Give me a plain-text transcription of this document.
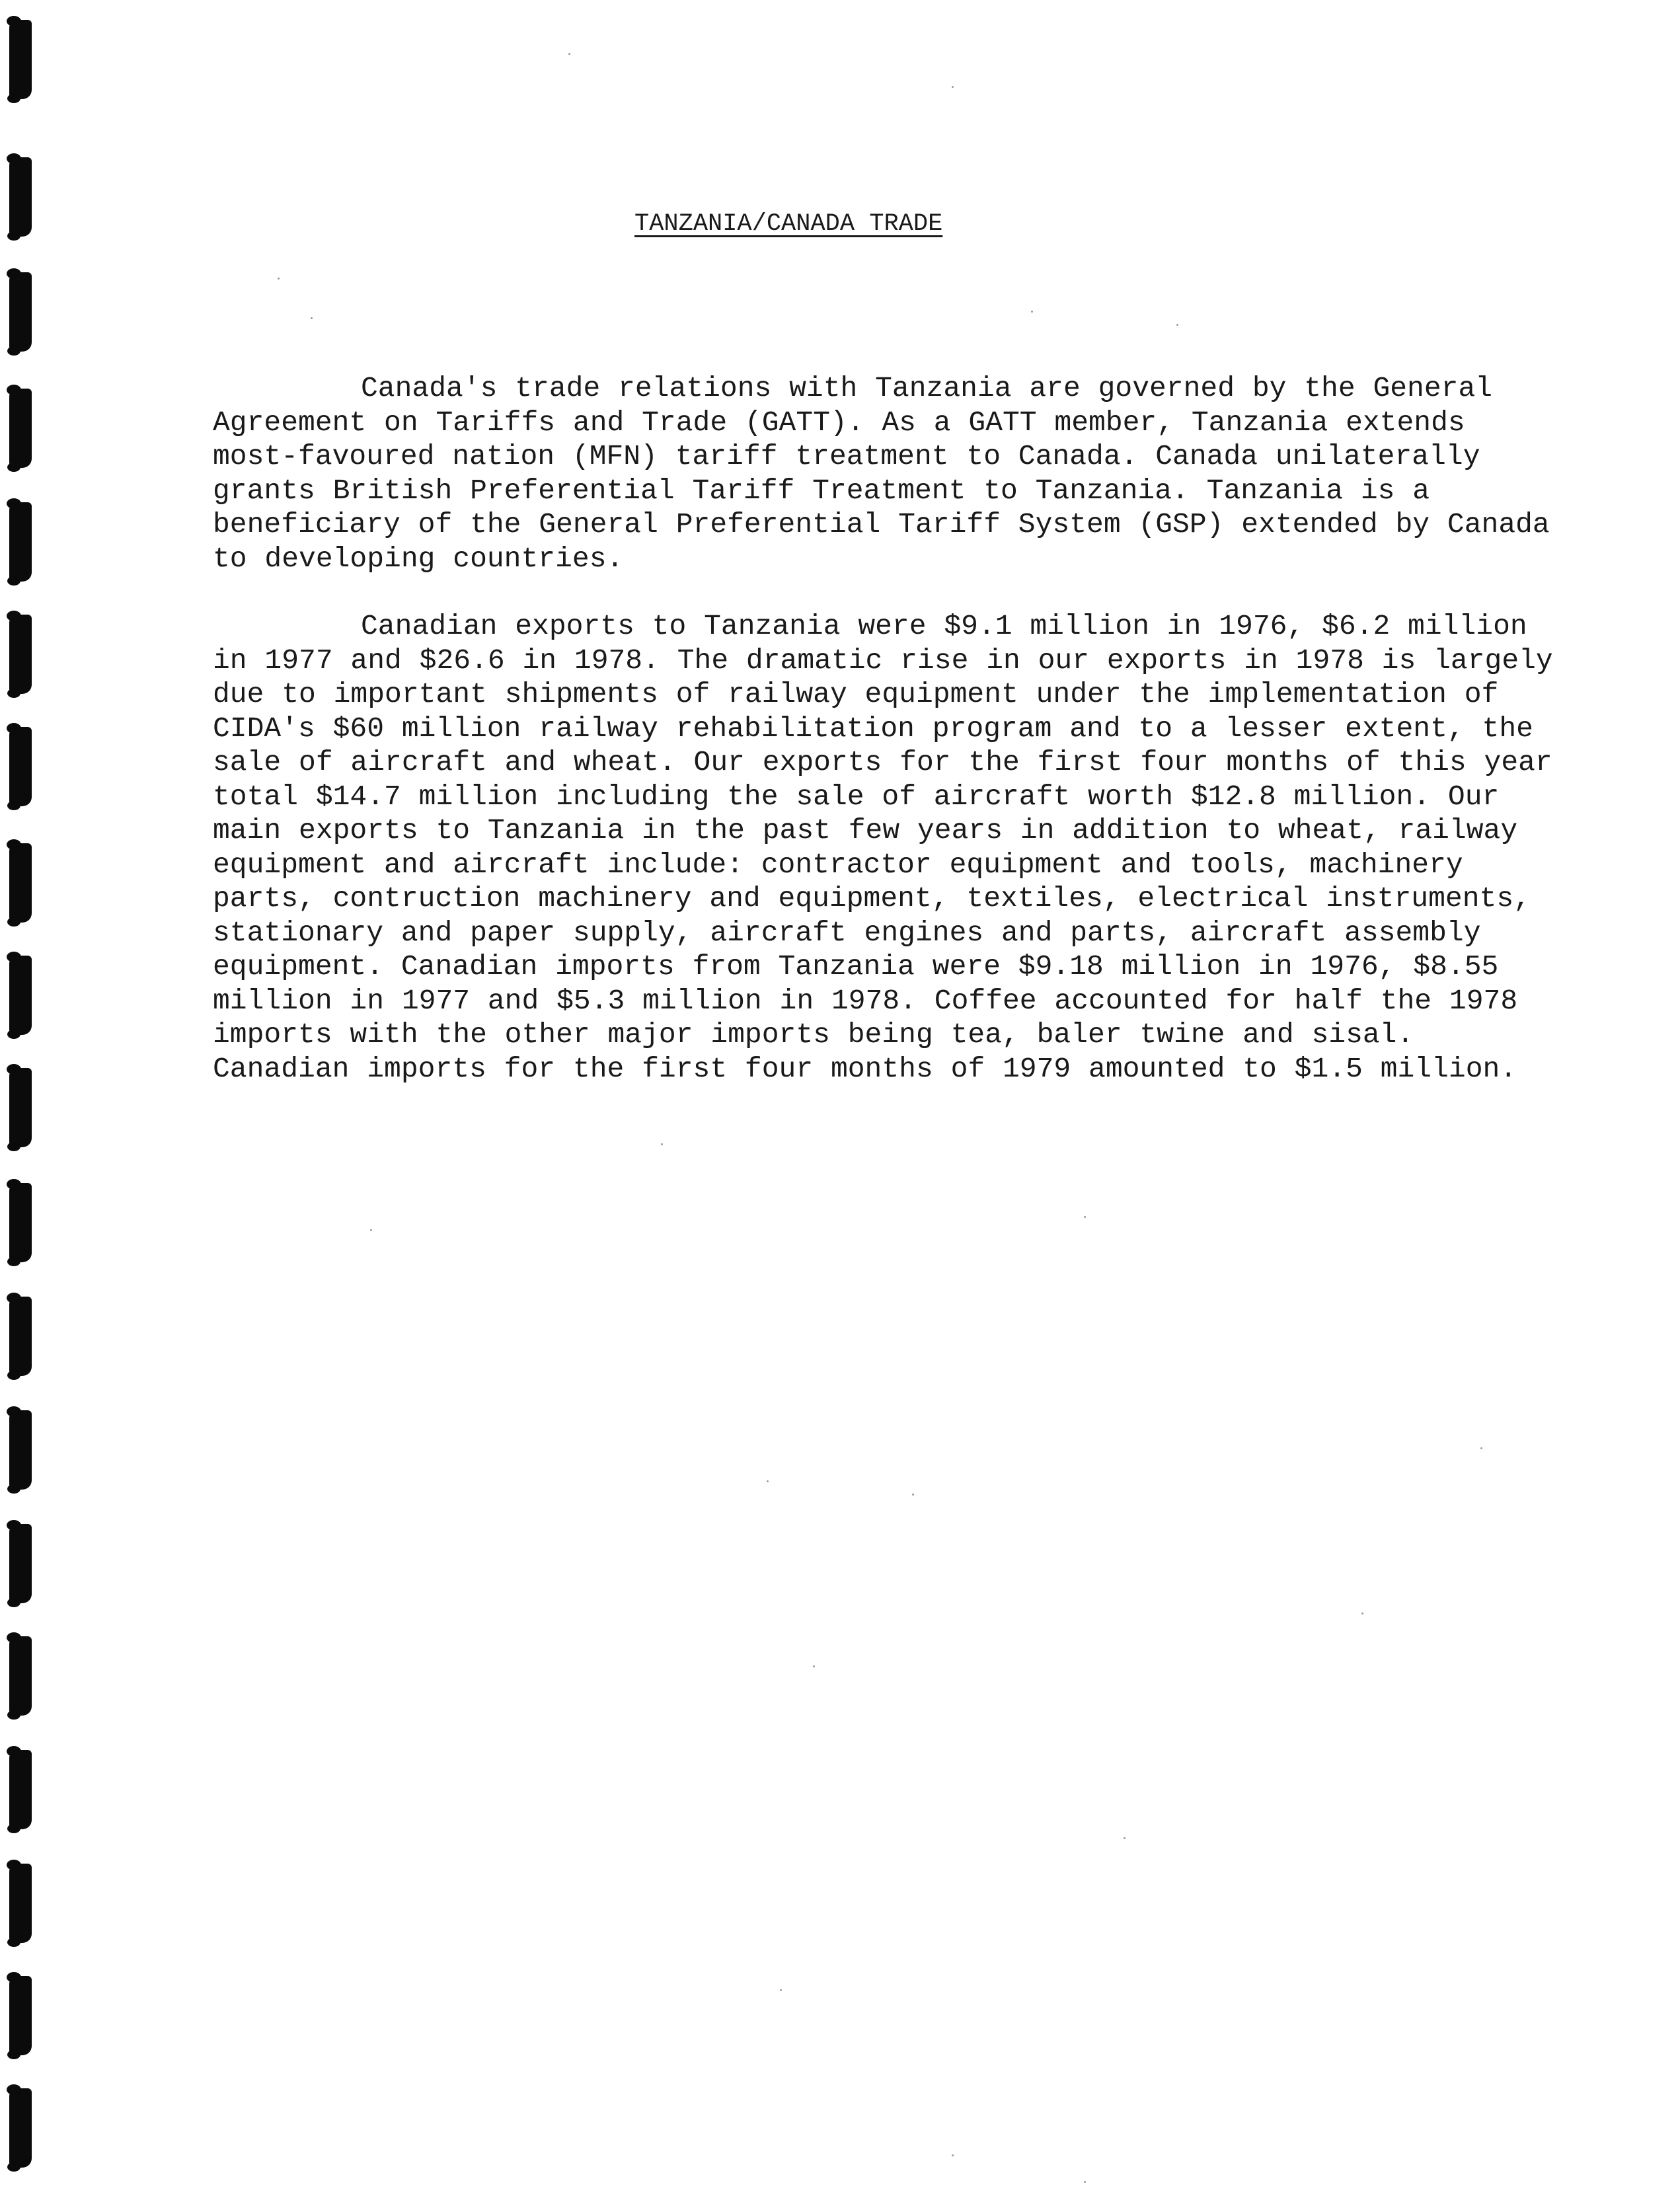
TANZANIA/CANADA TRADE

Canada's trade relations with Tanzania are governed by the General Agreement on Tariffs and Trade (GATT). As a GATT member, Tanzania extends most-favoured nation (MFN) tariff treatment to Canada. Canada unilaterally grants British Preferential Tariff Treatment to Tanzania. Tanzania is a beneficiary of the General Preferential Tariff System (GSP) extended by Canada to developing countries.

Canadian exports to Tanzania were $9.1 million in 1976, $6.2 million in 1977 and $26.6 in 1978. The dramatic rise in our exports in 1978 is largely due to important shipments of railway equipment under the implementation of CIDA's $60 million railway rehabilitation program and to a lesser extent, the sale of aircraft and wheat. Our exports for the first four months of this year total $14.7 million including the sale of aircraft worth $12.8 million. Our main exports to Tanzania in the past few years in addition to wheat, railway equipment and aircraft include: contractor equipment and tools, machinery parts, contruction machinery and equipment, textiles, electrical instruments, stationary and paper supply, aircraft engines and parts, aircraft assembly equipment. Canadian imports from Tanzania were $9.18 million in 1976, $8.55 million in 1977 and $5.3 million in 1978. Coffee accounted for half the 1978 imports with the other major imports being tea, baler twine and sisal. Canadian imports for the first four months of 1979 amounted to $1.5 million.
